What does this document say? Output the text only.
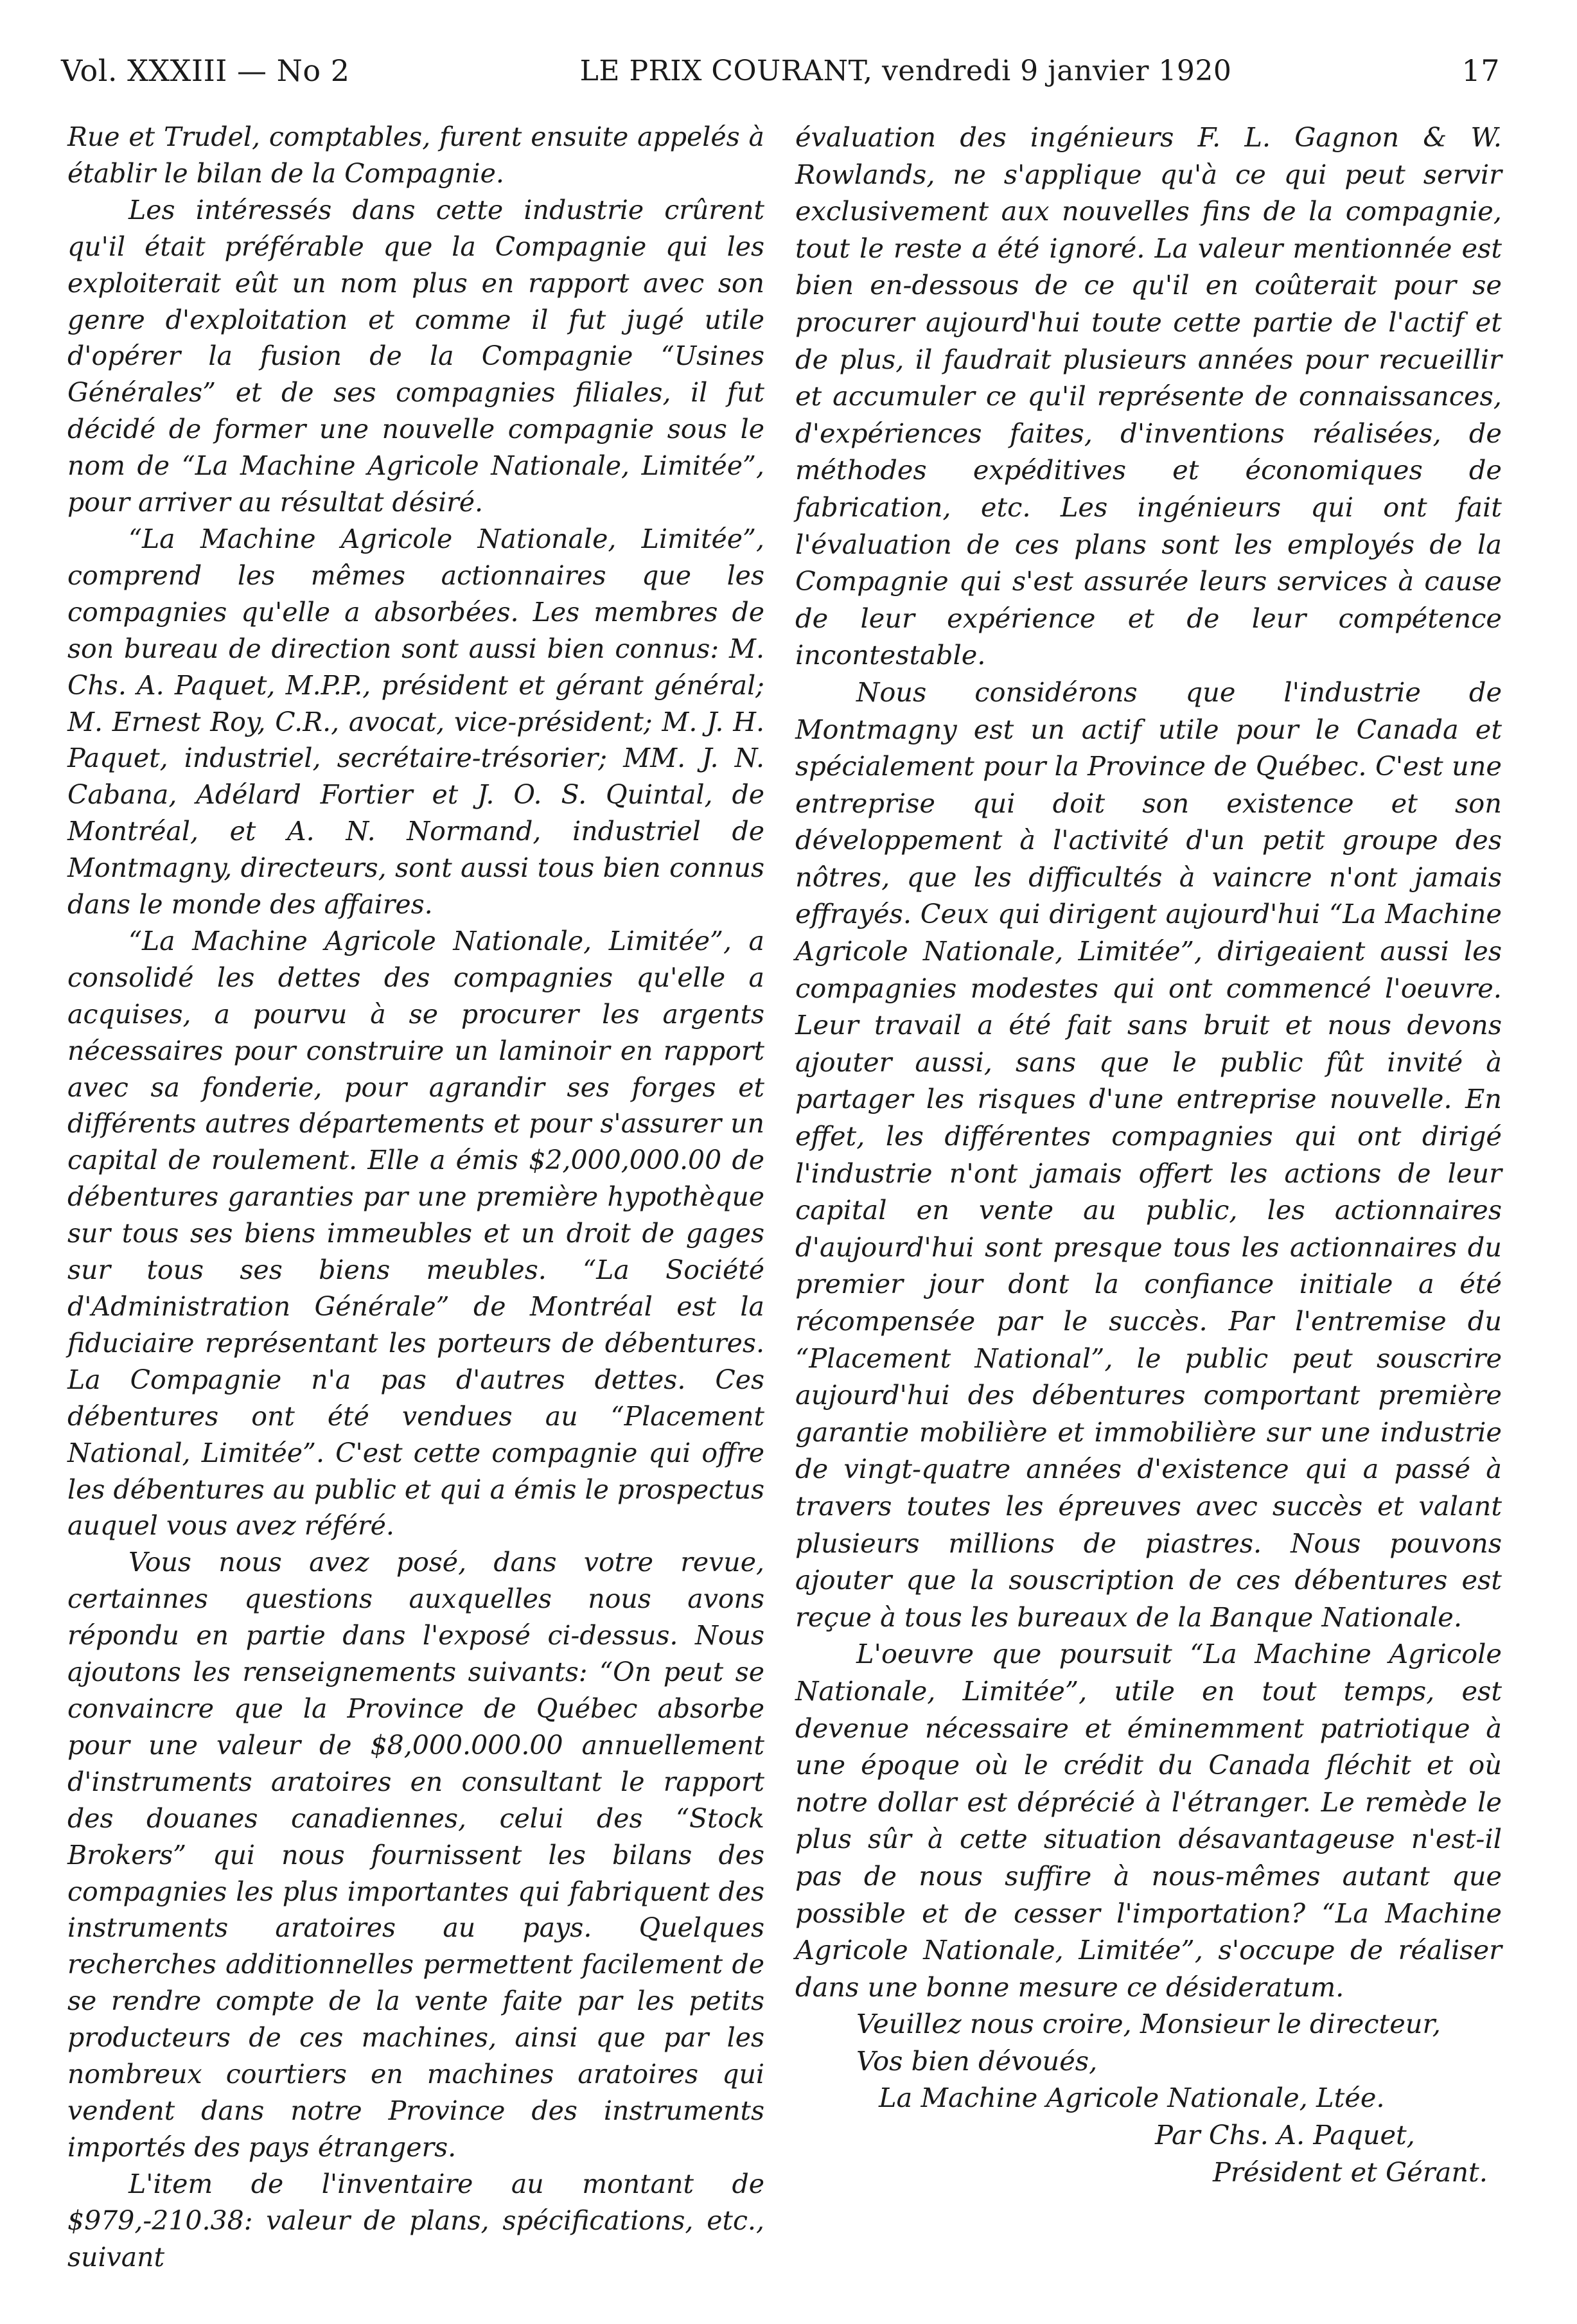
Vol. XXXIII — No 2	LE PRIX COURANT, vendredi 9 janvier 1920	17

Rue et Trudel, comptables, furent ensuite appelés à établir le bilan de la Compagnie.

Les intéressés dans cette industrie crûrent qu'il était préférable que la Compagnie qui les exploiterait eût un nom plus en rapport avec son genre d'exploitation et comme il fut jugé utile d'opérer la fusion de la Compagnie “Usines Générales” et de ses compagnies filiales, il fut décidé de former une nouvelle compagnie sous le nom de “La Machine Agricole Nationale, Limitée”, pour arriver au résultat désiré.

“La Machine Agricole Nationale, Limitée”, comprend les mêmes actionnaires que les compagnies qu'elle a absorbées. Les membres de son bureau de direction sont aussi bien connus: M. Chs. A. Paquet, M.P.P., président et gérant général; M. Ernest Roy, C.R., avocat, vice-président; M. J. H. Paquet, industriel, secrétaire-trésorier; MM. J. N. Cabana, Adélard Fortier et J. O. S. Quintal, de Montréal, et A. N. Normand, industriel de Montmagny, directeurs, sont aussi tous bien connus dans le monde des affaires.

“La Machine Agricole Nationale, Limitée”, a consolidé les dettes des compagnies qu'elle a acquises, a pourvu à se procurer les argents nécessaires pour construire un laminoir en rapport avec sa fonderie, pour agrandir ses forges et différents autres départements et pour s'assurer un capital de roulement. Elle a émis $2,000,000.00 de débentures garanties par une première hypothèque sur tous ses biens immeubles et un droit de gages sur tous ses biens meubles. “La Société d'Administration Générale” de Montréal est la fiduciaire représentant les porteurs de débentures. La Compagnie n'a pas d'autres dettes. Ces débentures ont été vendues au “Placement National, Limitée”. C'est cette compagnie qui offre les débentures au public et qui a émis le prospectus auquel vous avez référé.

Vous nous avez posé, dans votre revue, certainnes questions auxquelles nous avons répondu en partie dans l'exposé ci-dessus. Nous ajoutons les renseignements suivants: “On peut se convaincre que la Province de Québec absorbe pour une valeur de $8,000.000.00 annuellement d'instruments aratoires en consultant le rapport des douanes canadiennes, celui des “Stock Brokers” qui nous fournissent les bilans des compagnies les plus importantes qui fabriquent des instruments aratoires au pays. Quelques recherches additionnelles permettent facilement de se rendre compte de la vente faite par les petits producteurs de ces machines, ainsi que par les nombreux courtiers en machines aratoires qui vendent dans notre Province des instruments importés des pays étrangers.

L'item de l'inventaire au montant de $979,-210.38: valeur de plans, spécifications, etc., suivant

évaluation des ingénieurs F. L. Gagnon & W. Rowlands, ne s'applique qu'à ce qui peut servir exclusivement aux nouvelles fins de la compagnie, tout le reste a été ignoré. La valeur mentionnée est bien en-dessous de ce qu'il en coûterait pour se procurer aujourd'hui toute cette partie de l'actif et de plus, il faudrait plusieurs années pour recueillir et accumuler ce qu'il représente de connaissances, d'expériences faites, d'inventions réalisées, de méthodes expéditives et économiques de fabrication, etc. Les ingénieurs qui ont fait l'évaluation de ces plans sont les employés de la Compagnie qui s'est assurée leurs services à cause de leur expérience et de leur compétence incontestable.

Nous considérons que l'industrie de Montmagny est un actif utile pour le Canada et spécialement pour la Province de Québec. C'est une entreprise qui doit son existence et son développement à l'activité d'un petit groupe des nôtres, que les difficultés à vaincre n'ont jamais effrayés. Ceux qui dirigent aujourd'hui “La Machine Agricole Nationale, Limitée”, dirigeaient aussi les compagnies modestes qui ont commencé l'oeuvre. Leur travail a été fait sans bruit et nous devons ajouter aussi, sans que le public fût invité à partager les risques d'une entreprise nouvelle. En effet, les différentes compagnies qui ont dirigé l'industrie n'ont jamais offert les actions de leur capital en vente au public, les actionnaires d'aujourd'hui sont presque tous les actionnaires du premier jour dont la confiance initiale a été récompensée par le succès. Par l'entremise du “Placement National”, le public peut souscrire aujourd'hui des débentures comportant première garantie mobilière et immobilière sur une industrie de vingt-quatre années d'existence qui a passé à travers toutes les épreuves avec succès et valant plusieurs millions de piastres. Nous pouvons ajouter que la souscription de ces débentures est reçue à tous les bureaux de la Banque Nationale.

L'oeuvre que poursuit “La Machine Agricole Nationale, Limitée”, utile en tout temps, est devenue nécessaire et éminemment patriotique à une époque où le crédit du Canada fléchit et où notre dollar est déprécié à l'étranger. Le remède le plus sûr à cette situation désavantageuse n'est-il pas de nous suffire à nous-mêmes autant que possible et de cesser l'importation? “La Machine Agricole Nationale, Limitée”, s'occupe de réaliser dans une bonne mesure ce désideratum.

Veuillez nous croire, Monsieur le directeur,
Vos bien dévoués,
La Machine Agricole Nationale, Ltée.
Par Chs. A. Paquet,
Président et Gérant.
